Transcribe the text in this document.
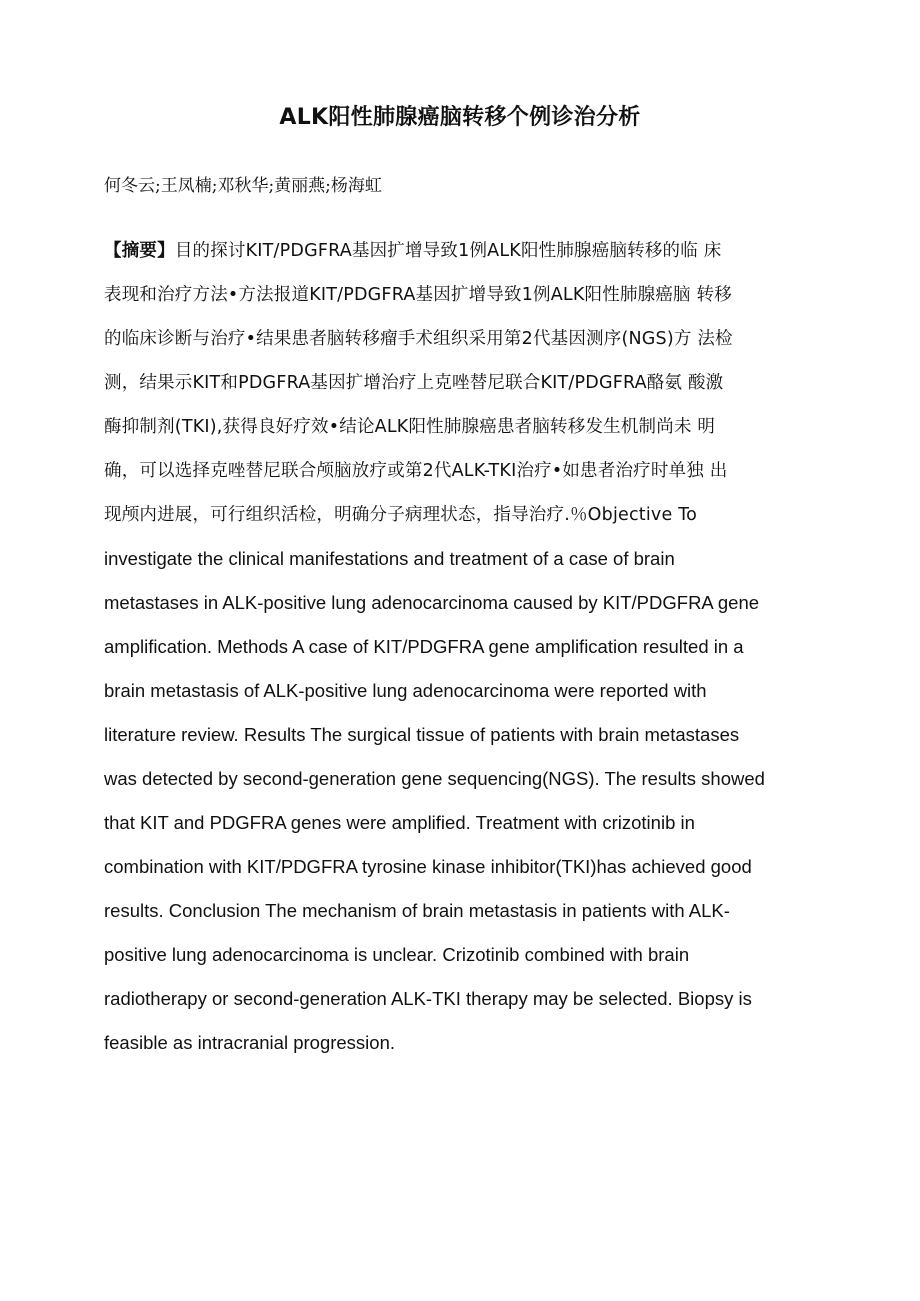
ALK阳性肺腺癌脑转移个例诊治分析
何冬云;王凤楠;邓秋华;黄丽燕;杨海虹
【摘要】目的探讨KIT/PDGFRA基因扩增导致1例ALK阳性肺腺癌脑转移的临 床
表现和治疗方法•方法报道KIT/PDGFRA基因扩增导致1例ALK阳性肺腺癌脑 转移
的临床诊断与治疗•结果患者脑转移瘤手术组织采用第2代基因测序(NGS)方 法检
测，结果示KIT和PDGFRA基因扩增治疗上克唑替尼联合KIT/PDGFRA酪氨 酸激
酶抑制剂(TKI),获得良好疗效•结论ALK阳性肺腺癌患者脑转移发生机制尚未 明
确，可以选择克唑替尼联合颅脑放疗或第2代ALK-TKI治疗•如患者治疗时单独 出
现颅内进展，可行组织活检，明确分子病理状态，指导治疗.％Objective To
investigate the clinical manifestations and treatment of a case of brain
metastases in ALK-positive lung adenocarcinoma caused by KIT/PDGFRA gene
amplification. Methods A case of KIT/PDGFRA gene amplification resulted in a
brain metastasis of ALK-positive lung adenocarcinoma were reported with
literature review. Results The surgical tissue of patients with brain metastases
was detected by second-generation gene sequencing(NGS). The results showed
that KIT and PDGFRA genes were amplified. Treatment with crizotinib in
combination with KIT/PDGFRA tyrosine kinase inhibitor(TKI)has achieved good
results. Conclusion The mechanism of brain metastasis in patients with ALK-
positive lung adenocarcinoma is unclear. Crizotinib combined with brain
radiotherapy or second-generation ALK-TKI therapy may be selected. Biopsy is
feasible as intracranial progression.
